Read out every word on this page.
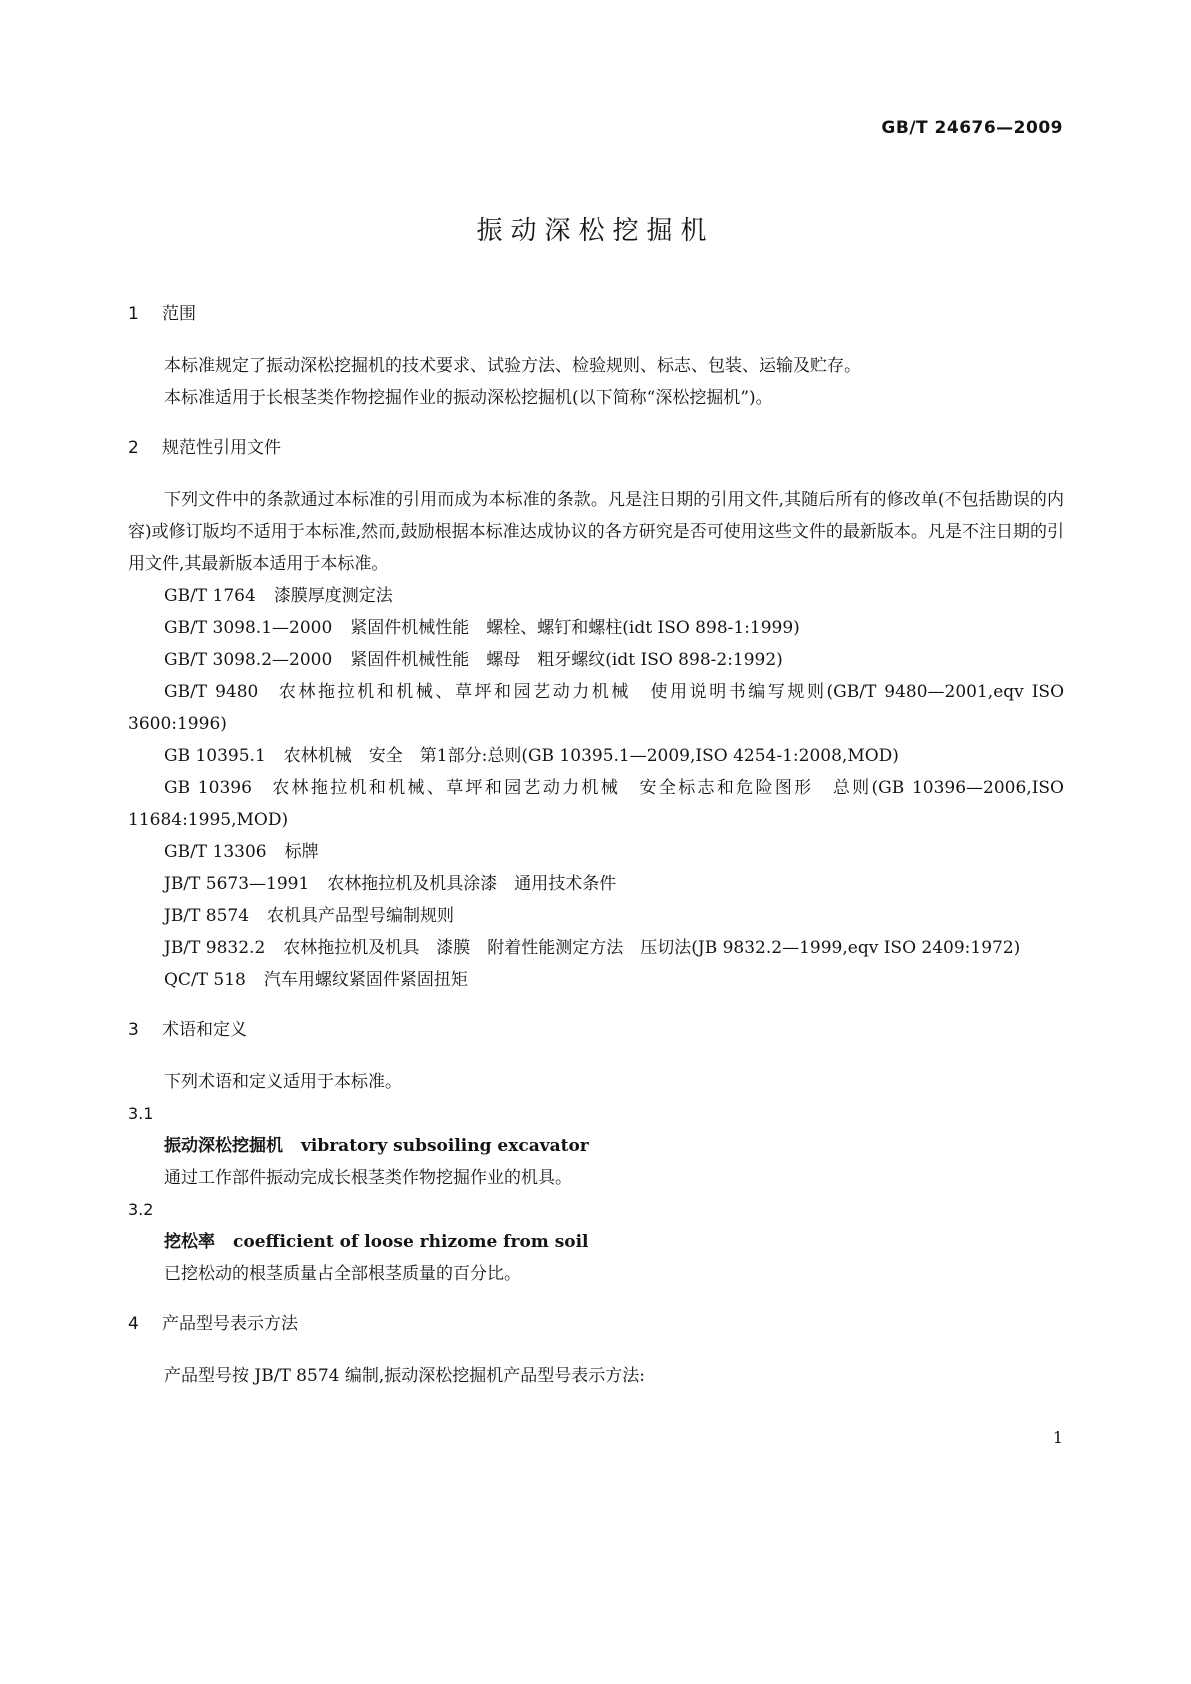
GB/T 24676—2009
振动深松挖掘机
1 范围

本标准规定了振动深松挖掘机的技术要求、试验方法、检验规则、标志、包装、运输及贮存。

本标准适用于长根茎类作物挖掘作业的振动深松挖掘机(以下简称“深松挖掘机”)。

2 规范性引用文件

下列文件中的条款通过本标准的引用而成为本标准的条款。凡是注日期的引用文件,其随后所有的修改单(不包括勘误的内容)或修订版均不适用于本标准,然而,鼓励根据本标准达成协议的各方研究是否可使用这些文件的最新版本。凡是不注日期的引用文件,其最新版本适用于本标准。

GB/T 1764 漆膜厚度测定法

GB/T 3098.1—2000 紧固件机械性能　螺栓、螺钉和螺柱(idt ISO 898-1:1999)

GB/T 3098.2—2000 紧固件机械性能　螺母　粗牙螺纹(idt ISO 898-2:1992)

GB/T 9480 农林拖拉机和机械、草坪和园艺动力机械　使用说明书编写规则(GB/T 9480—2001,eqv ISO 3600:1996)

GB 10395.1 农林机械　安全　第1部分:总则(GB 10395.1—2009,ISO 4254-1:2008,MOD)

GB 10396 农林拖拉机和机械、草坪和园艺动力机械　安全标志和危险图形　总则(GB 10396—2006,ISO 11684:1995,MOD)

GB/T 13306 标牌

JB/T 5673—1991 农林拖拉机及机具涂漆　通用技术条件

JB/T 8574 农机具产品型号编制规则

JB/T 9832.2 农林拖拉机及机具　漆膜　附着性能测定方法　压切法(JB 9832.2—1999,eqv ISO 2409:1972)

QC/T 518 汽车用螺纹紧固件紧固扭矩

3 术语和定义

下列术语和定义适用于本标准。

3.1

振动深松挖掘机 vibratory subsoiling excavator

通过工作部件振动完成长根茎类作物挖掘作业的机具。

3.2

挖松率 coefficient of loose rhizome from soil

已挖松动的根茎质量占全部根茎质量的百分比。

4 产品型号表示方法

产品型号按 JB/T 8574 编制,振动深松挖掘机产品型号表示方法:

1
